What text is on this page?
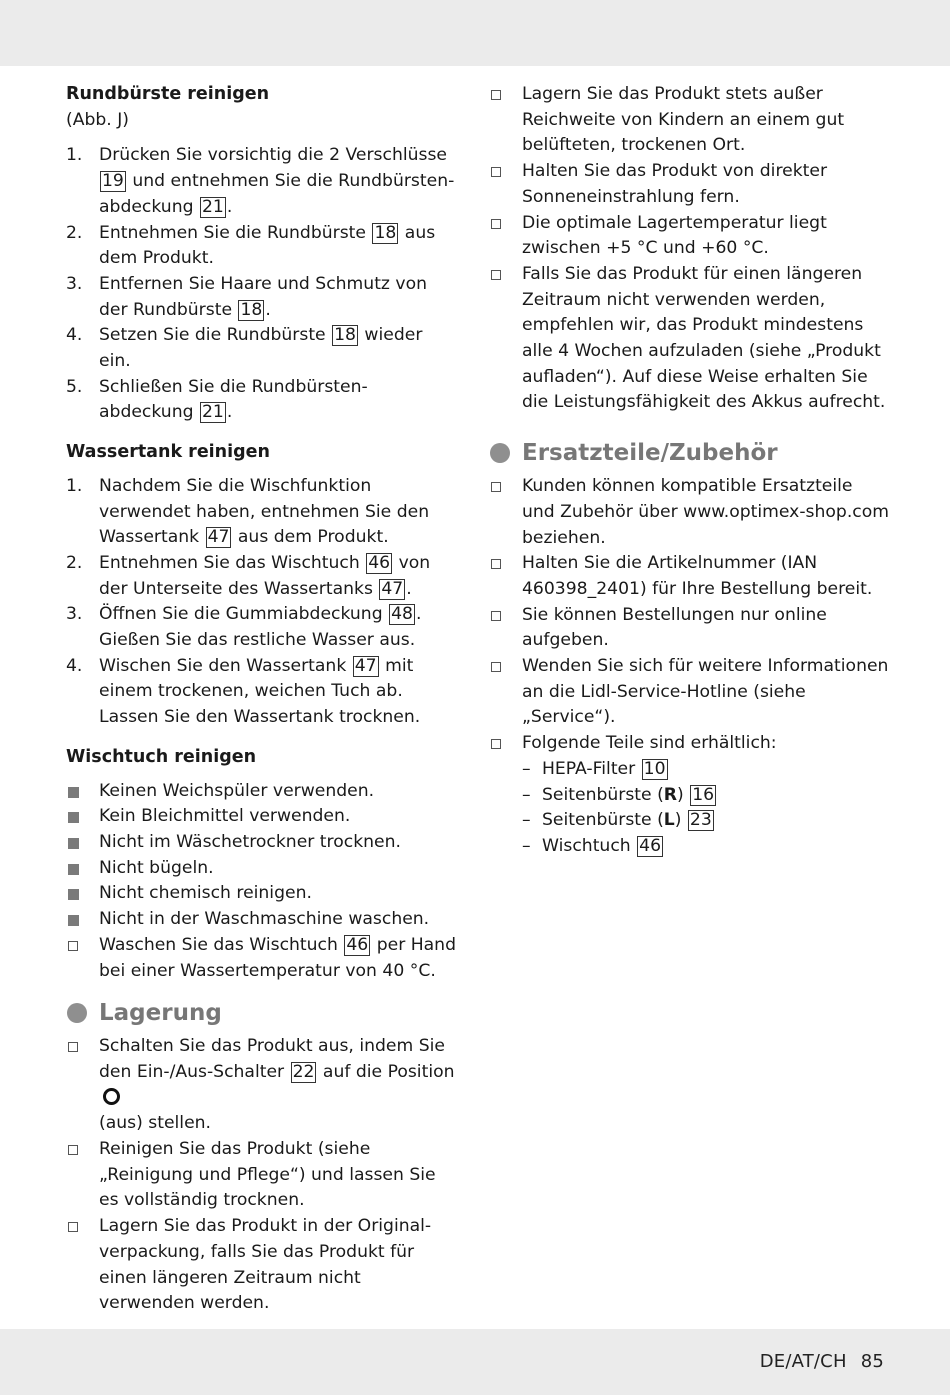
Rundbürste reinigen

(Abb. J)

1. Drücken Sie vorsichtig die 2 Verschlüsse 19 und entnehmen Sie die Rundbürsten-
abdeckung 21 .
2. Entnehmen Sie die Rundbürste 18 aus dem Produkt.
3. Entfernen Sie Haare und Schmutz von der Rundbürste 18 .
4. Setzen Sie die Rundbürste 18 wieder ein.
5. Schließen Sie die Rundbürsten-
abdeckung 21 .
Wassertank reinigen
1. Nachdem Sie die Wischfunktion verwendet haben, entnehmen Sie den Wassertank 47 aus dem Produkt.
2. Entnehmen Sie das Wischtuch 46 von der Unterseite des Wassertanks 47 .
3. Öffnen Sie die Gummiabdeckung 48 . Gießen Sie das restliche Wasser aus.
4. Wischen Sie den Wassertank 47 mit einem trockenen, weichen Tuch ab. Lassen Sie den Wassertank trocknen.
Wischtuch reinigen
Keinen Weichspüler verwenden.
Kein Bleichmittel verwenden.
Nicht im Wäschetrockner trocknen.
Nicht bügeln.
Nicht chemisch reinigen.
Nicht in der Waschmaschine waschen.
Waschen Sie das Wischtuch 46 per Hand bei einer Wassertemperatur von 40 °C.
Lagerung
Schalten Sie das Produkt aus, indem Sie den Ein-/Aus-Schalter 22 auf die Position
(aus) stellen.
Reinigen Sie das Produkt (siehe „Reinigung und Pflege“) und lassen Sie es vollständig trocknen.
Lagern Sie das Produkt in der Original-verpackung, falls Sie das Produkt für einen längeren Zeitraum nicht verwenden werden.
Lagern Sie das Produkt stets außer Reichweite von Kindern an einem gut belüfteten, trockenen Ort.
Halten Sie das Produkt von direkter Sonneneinstrahlung fern.
Die optimale Lagertemperatur liegt zwischen +5 °C und +60 °C.
Falls Sie das Produkt für einen längeren Zeitraum nicht verwenden werden, empfehlen wir, das Produkt mindestens alle 4 Wochen aufzuladen (siehe „Produkt aufladen“). Auf diese Weise erhalten Sie die Leistungsfähigkeit des Akkus aufrecht.
Ersatzteile/Zubehör
Kunden können kompatible Ersatzteile und Zubehör über www.optimex-shop.com beziehen.
Halten Sie die Artikelnummer (IAN 460398_2401) für Ihre Bestellung bereit.
Sie können Bestellungen nur online aufgeben.
Wenden Sie sich für weitere Informationen an die Lidl-Service-Hotline (siehe „Service“).
Folgende Teile sind erhältlich:
– HEPA-Filter 10
– Seitenbürste (R) 16
– Seitenbürste (L) 23
– Wischtuch 46
DE/AT/CH 85
